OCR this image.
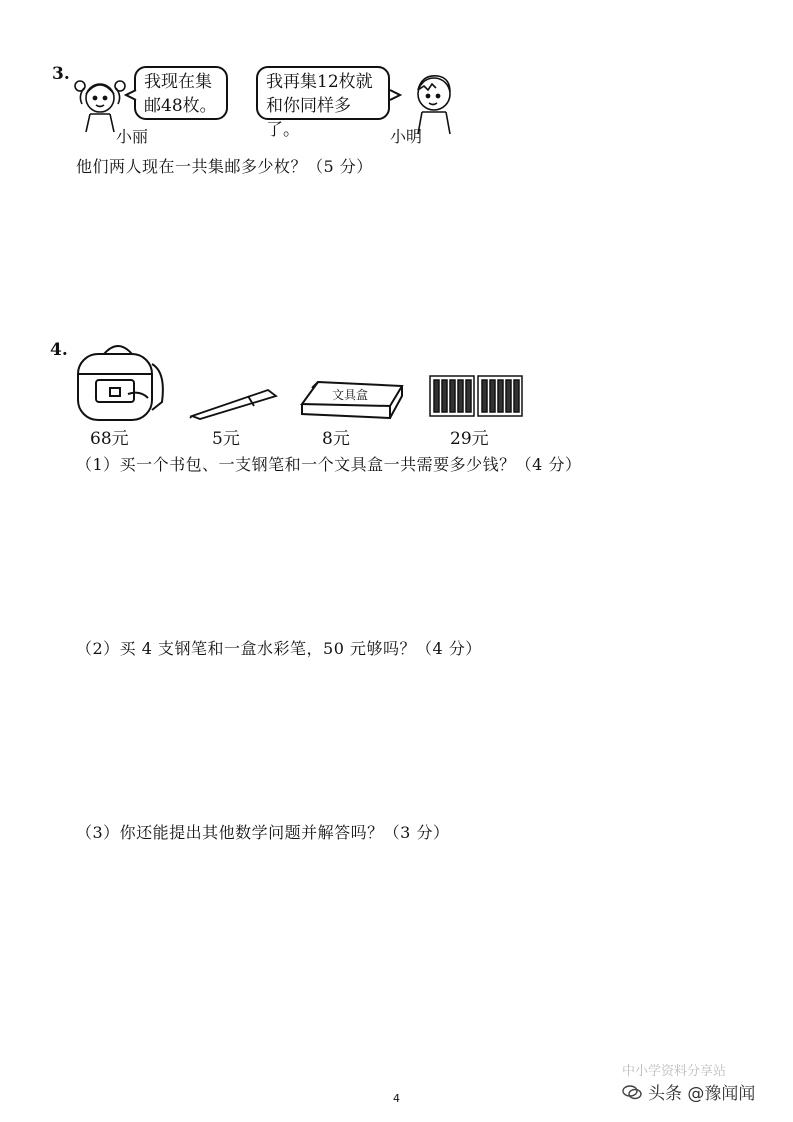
3.	我现在集
邮48枚。
我再集12枚就
和你同样多了。
小丽	小明
他们两人现在一共集邮多少枚？（5 分）
4.
文具盒
68元	5元	8元	29元
（1）买一个书包、一支钢笔和一个文具盒一共需要多少钱？（4 分）
（2）买 4 支钢笔和一盒水彩笔，50 元够吗？（4 分）
（3）你还能提出其他数学问题并解答吗？（3 分）
4
中小学资料分享站
头条 @豫闻闻
